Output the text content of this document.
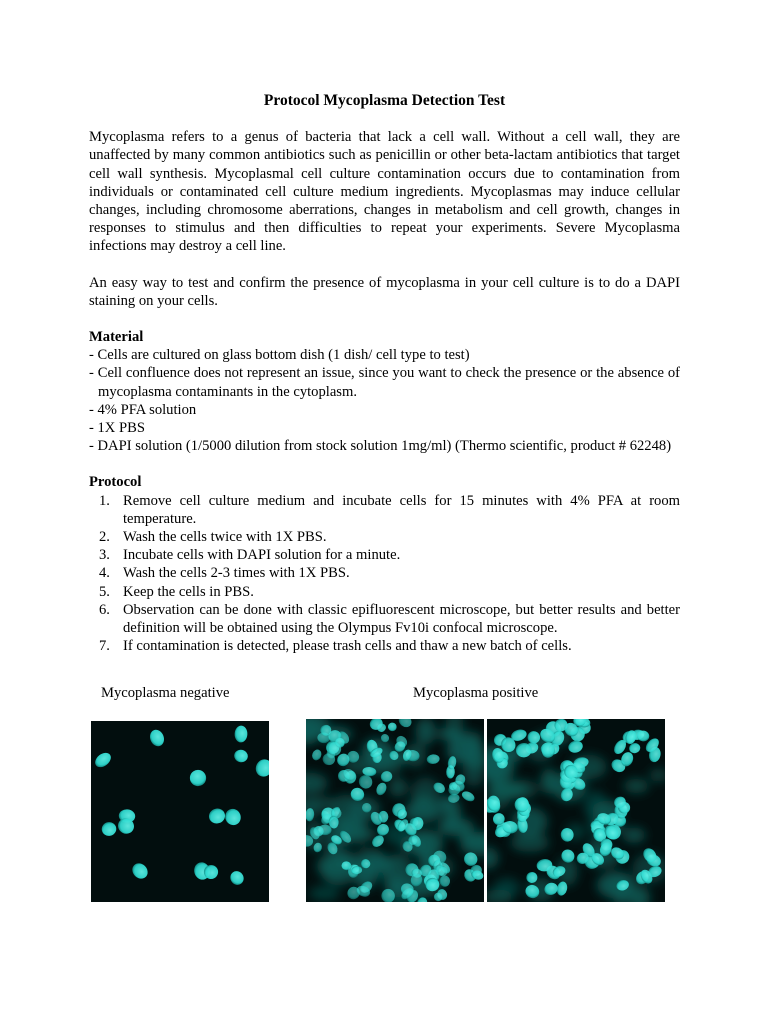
Protocol Mycoplasma Detection Test

Mycoplasma refers to a genus of bacteria that lack a cell wall. Without a cell wall, they are unaffected by many common antibiotics such as penicillin or other beta-lactam antibiotics that target cell wall synthesis. Mycoplasmal cell culture contamination occurs due to contamination from individuals or contaminated cell culture medium ingredients. Mycoplasmas may induce cellular changes, including chromosome aberrations, changes in metabolism and cell growth, changes in responses to stimulus and then difficulties to repeat your experiments. Severe Mycoplasma infections may destroy a cell line.

An easy way to test and confirm the presence of mycoplasma in your cell culture is to do a DAPI staining on your cells.

Material

- Cells are cultured on glass bottom dish (1 dish/ cell type to test)
- Cell confluence does not represent an issue, since you want to check the presence or the absence of mycoplasma contaminants in the cytoplasm.
- 4% PFA solution
- 1X PBS
- DAPI solution (1/5000 dilution from stock solution 1mg/ml) (Thermo scientific, product # 62248)

Protocol

1. Remove cell culture medium and incubate cells for 15 minutes with 4% PFA at room temperature.
2. Wash the cells twice with 1X PBS.
3. Incubate cells with DAPI solution for a minute.
4. Wash the cells 2-3 times with 1X PBS.
5. Keep the cells in PBS.
6. Observation can be done with classic epifluorescent microscope, but better results and better definition will be obtained using the Olympus Fv10i confocal microscope.
7. If contamination is detected, please trash cells and thaw a new batch of cells.
Mycoplasma negative	Mycoplasma positive
